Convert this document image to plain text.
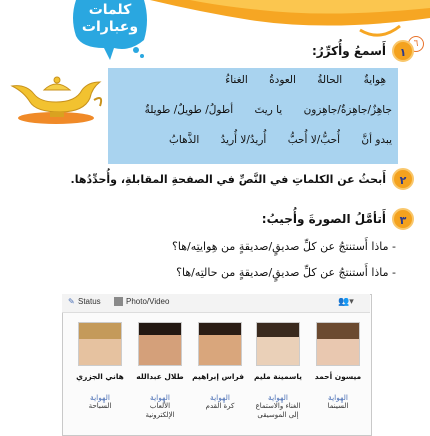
٦
كلمات
وعبارات
١
أَسمعُ وأُكرِّرُ:
هِوايةٌ الحالةُ العودةُ الغناءُ
جاهِزٌ/جاهِزةٌ/جاهِزون يا ريتَ أطولُ/ طويلٌ/ طويلةٌ
يبدو أنَّ أُحبُّ/لا أُحبُّ أُريدُ/لا أُريدُ الذَّهابُ
٢
أَبحثُ عن الكلماتِ في النَّصِّ في الصفحةِ المقابلةِ، وأُحدِّدُها.
٣
أَتأمَّلُ الصورةَ وأُجيبُ:
- ماذا أَستنتجُ عن كلِّ صديقٍ/صديقةٍ من هِوايتِه/ها؟
- ماذا أَستنتجُ عن كلِّ صديقٍ/صديقةٍ من حالتِه/ها؟
✎ Status	Photo/Video	👥▾
ميسون أحمد
الهِواية
السينما
ياسمينة مليم
الهِواية
الغناء والاستماع
إلى الموسيقى
فراس إبراهيم
الهِواية
كرة القدم
طلال عبدالله
الهِواية
الألعاب
الإلكترونية
هاني الجزري
الهِواية
السباحة
